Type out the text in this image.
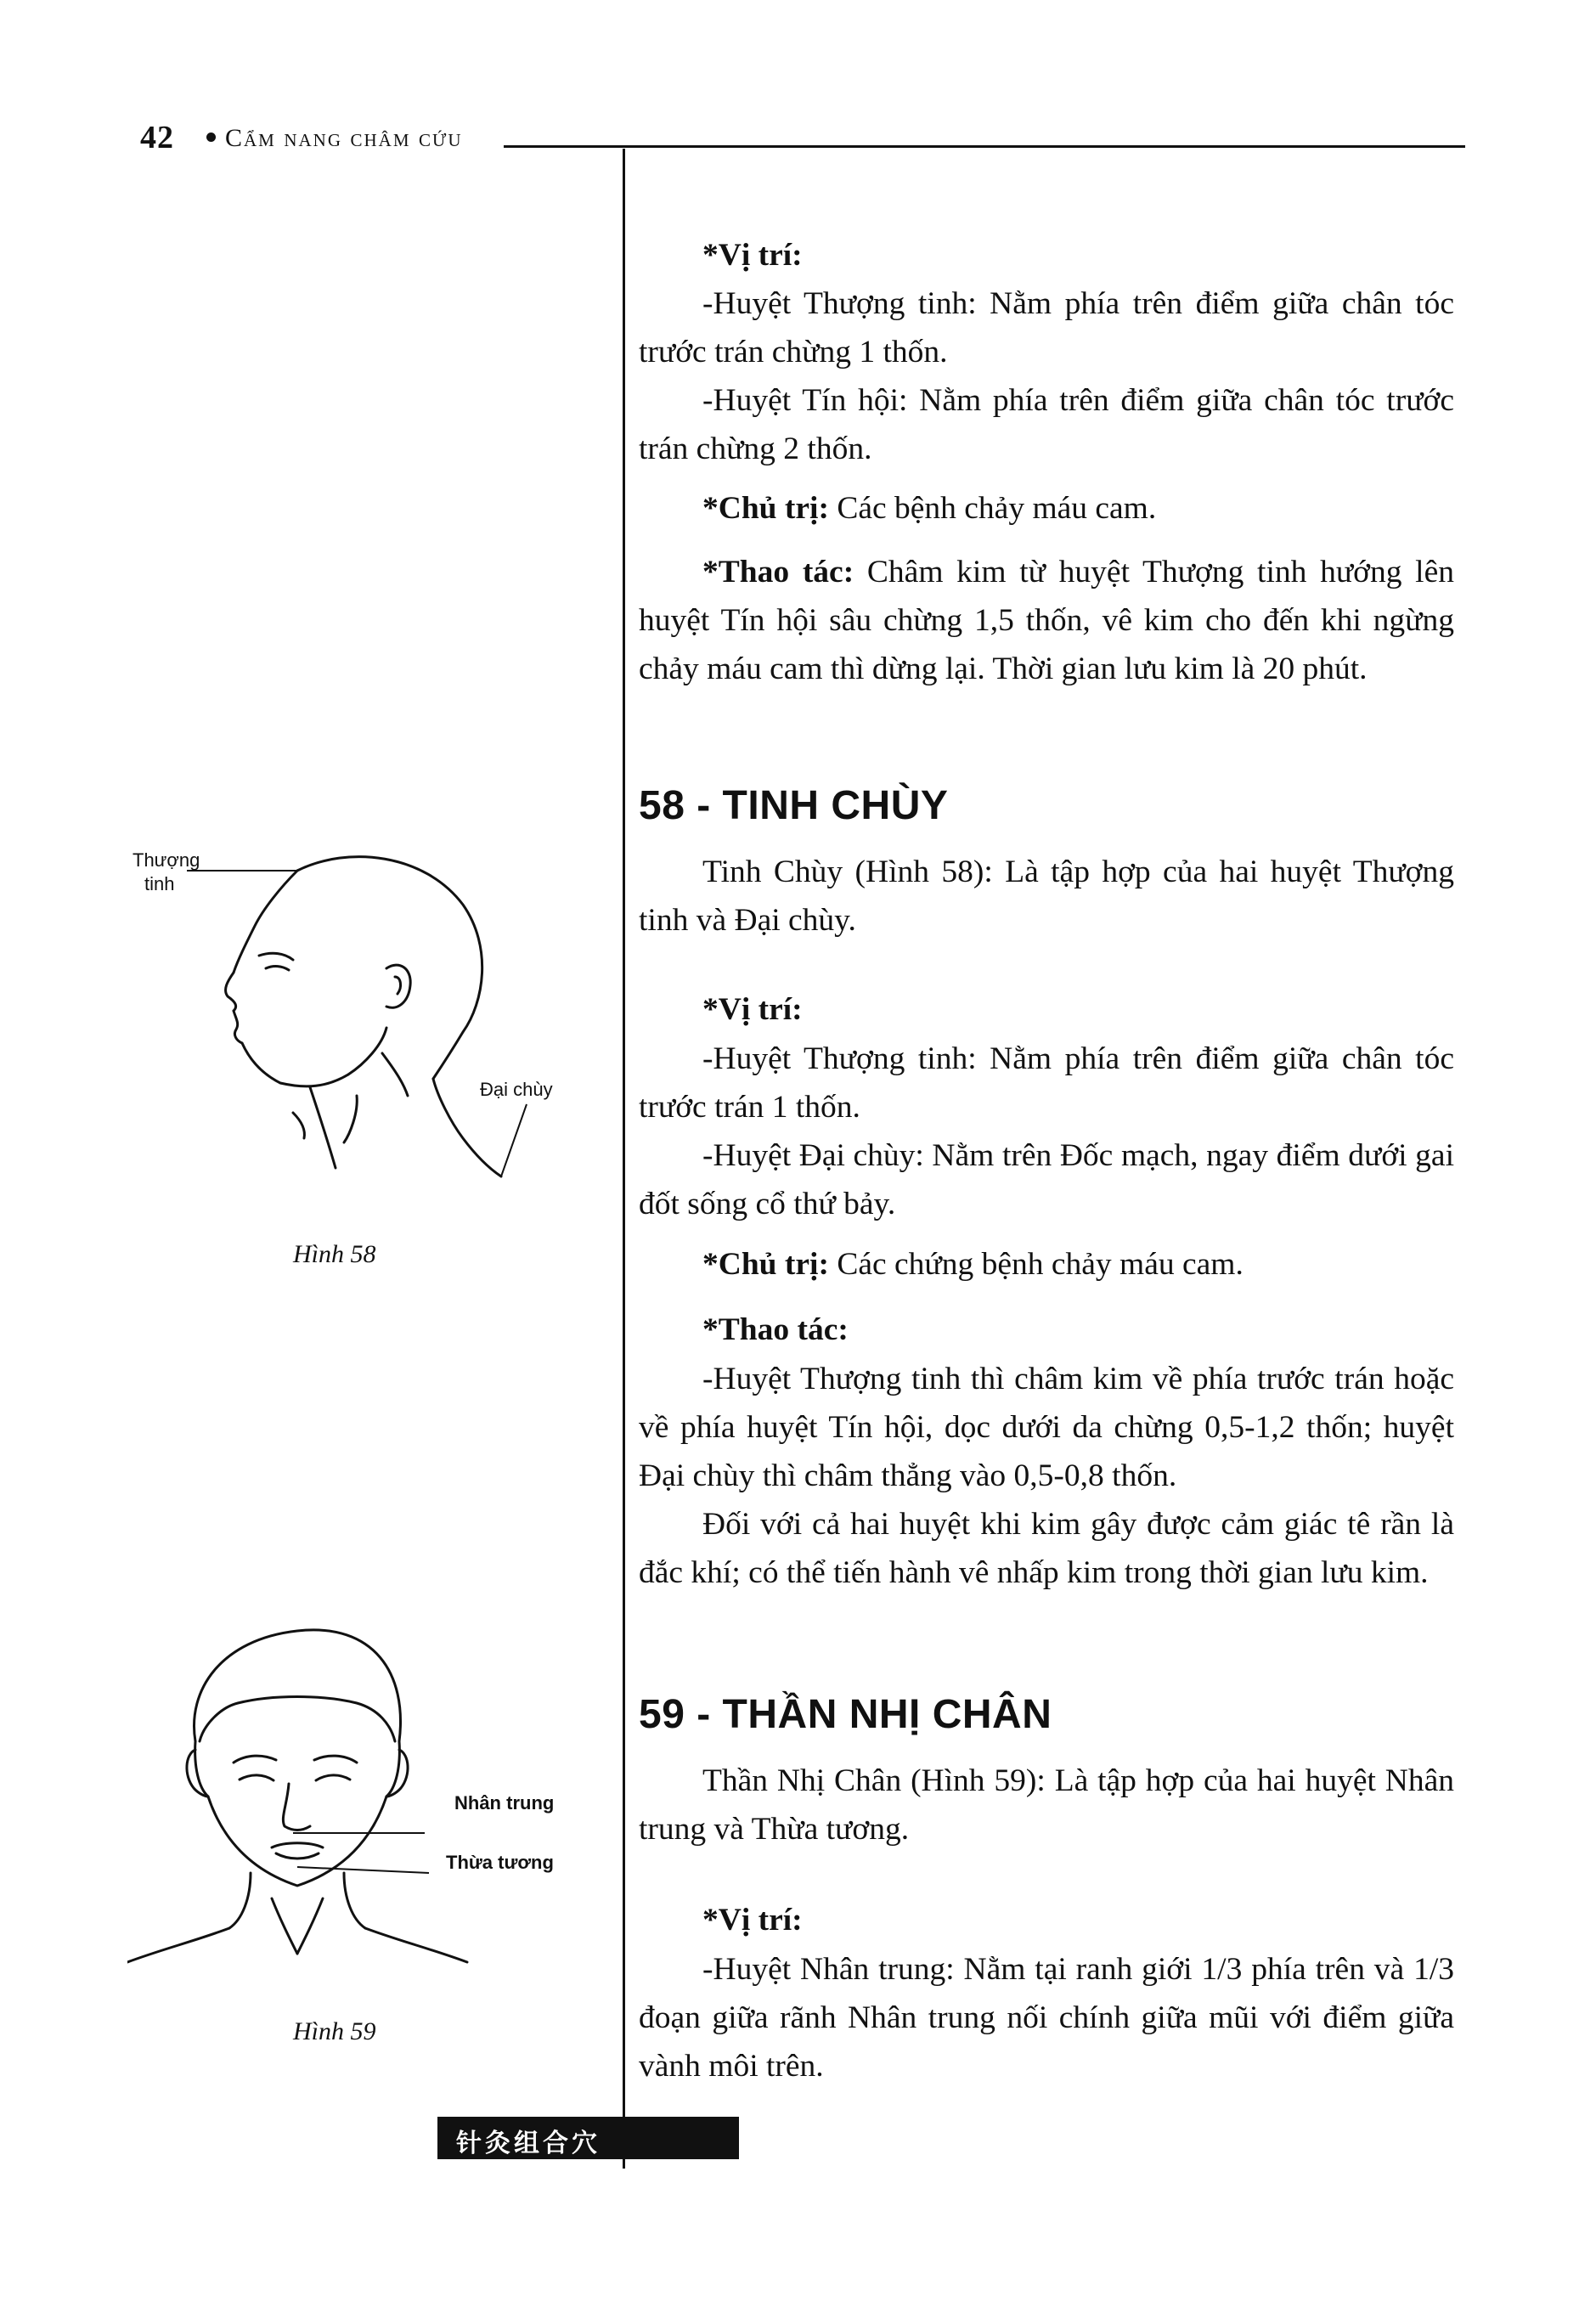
42 Cẩm nang châm cứu
Thượng
tinh
Đại chùy
Hình 58
Nhân trung
Thừa tương
Hình 59

*Vị trí:

-Huyệt Thượng tinh: Nằm phía trên điểm giữa chân tóc trước trán chừng 1 thốn.

-Huyệt Tín hội: Nằm phía trên điểm giữa chân tóc trước trán chừng 2 thốn.

*Chủ trị: Các bệnh chảy máu cam.

*Thao tác: Châm kim từ huyệt Thượng tinh hướng lên huyệt Tín hội sâu chừng 1,5 thốn, vê kim cho đến khi ngừng chảy máu cam thì dừng lại. Thời gian lưu kim là 20 phút.

58 - TINH CHÙY

Tinh Chùy (Hình 58): Là tập hợp của hai huyệt Thượng tinh và Đại chùy.

*Vị trí:

-Huyệt Thượng tinh: Nằm phía trên điểm giữa chân tóc trước trán 1 thốn.

-Huyệt Đại chùy: Nằm trên Đốc mạch, ngay điểm dưới gai đốt sống cổ thứ bảy.

*Chủ trị: Các chứng bệnh chảy máu cam.

*Thao tác:

-Huyệt Thượng tinh thì châm kim về phía trước trán hoặc về phía huyệt Tín hội, dọc dưới da chừng 0,5-1,2 thốn; huyệt Đại chùy thì châm thẳng vào 0,5-0,8 thốn.

Đối với cả hai huyệt khi kim gây được cảm giác tê rần là đắc khí; có thể tiến hành vê nhấp kim trong thời gian lưu kim.

59 - THẦN NHỊ CHÂN

Thần Nhị Chân (Hình 59): Là tập hợp của hai huyệt Nhân trung và Thừa tương.

*Vị trí:

-Huyệt Nhân trung: Nằm tại ranh giới 1/3 phía trên và 1/3 đoạn giữa rãnh Nhân trung nối chính giữa mũi với điểm giữa vành môi trên.

针灸组合穴
